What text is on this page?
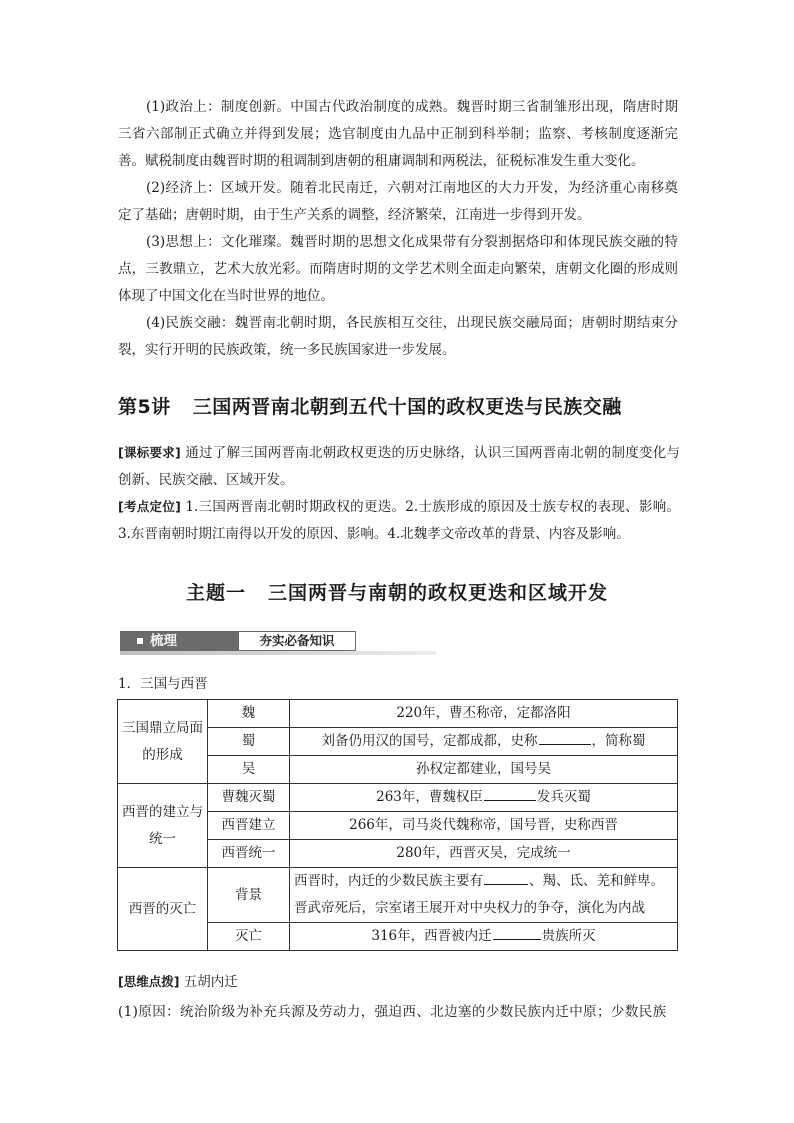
(1)政治上：制度创新。中国古代政治制度的成熟。魏晋时期三省制雏形出现，隋唐时期三省六部制正式确立并得到发展；选官制度由九品中正制到科举制；监察、考核制度逐渐完善。赋税制度由魏晋时期的租调制到唐朝的租庸调制和两税法，征税标准发生重大变化。

(2)经济上：区域开发。随着北民南迁，六朝对江南地区的大力开发，为经济重心南移奠定了基础；唐朝时期，由于生产关系的调整，经济繁荣，江南进一步得到开发。

(3)思想上：文化璀璨。魏晋时期的思想文化成果带有分裂割据烙印和体现民族交融的特点，三教鼎立，艺术大放光彩。而隋唐时期的文学艺术则全面走向繁荣，唐朝文化圈的形成则体现了中国文化在当时世界的地位。

(4)民族交融：魏晋南北朝时期，各民族相互交往，出现民族交融局面；唐朝时期结束分裂，实行开明的民族政策，统一多民族国家进一步发展。

第5讲 三国两晋南北朝到五代十国的政权更迭与民族交融

[课标要求] 通过了解三国两晋南北朝政权更迭的历史脉络，认识三国两晋南北朝的制度变化与创新、民族交融、区域开发。

[考点定位] 1.三国两晋南北朝时期政权的更迭。2.士族形成的原因及士族专权的表现、影响。3.东晋南朝时期江南得以开发的原因、影响。4.北魏孝文帝改革的背景、内容及影响。

主题一 三国两晋与南朝的政权更迭和区域开发
梳理	夯实必备知识
1．三国与西晋
三国鼎立局面的形成	魏	220年，曹丕称帝，定都洛阳
	蜀	刘备仍用汉的国号，定都成都，史称 ，简称蜀
	吴	孙权定都建业，国号吴
西晋的建立与统一	曹魏灭蜀	263年，曹魏权臣 发兵灭蜀
	西晋建立	266年，司马炎代魏称帝，国号晋，史称西晋
	西晋统一	280年，西晋灭吴，完成统一
西晋的灭亡	背景	西晋时，内迁的少数民族主要有 、羯、氐、羌和鲜卑。
晋武帝死后，宗室诸王展开对中央权力的争夺，演化为内战

	灭亡	316年，西晋被内迁 贵族所灭
[思维点拨] 五胡内迁
(1)原因：统治阶级为补充兵源及劳动力，强迫西、北边塞的少数民族内迁中原；少数民族
